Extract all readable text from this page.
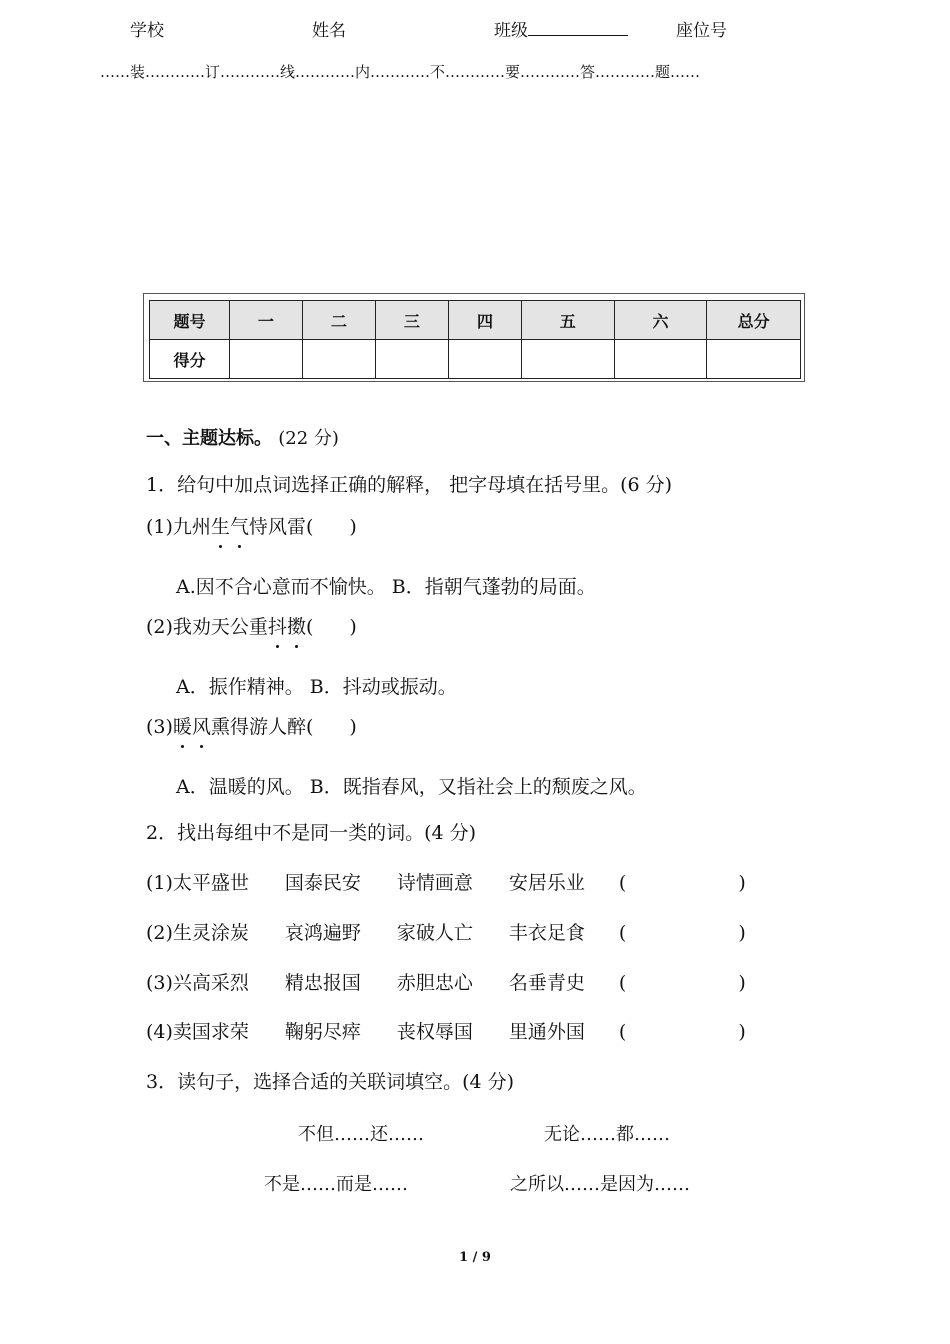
学校	姓名	班级	座位号
……装…………订…………线…………内…………不…………要…………答…………题……
题号	一	二	三	四	五	六	总分
得分							
一、主题达标。 (22 分)
1．给句中加点词选择正确的解释， 把字母填在括号里。(6 分)
(1)九州生气恃风雷( )
A.因不合心意而不愉快。 B．指朝气蓬勃的局面。
(2)我劝天公重抖擞( )
A．振作精神。 B．抖动或振动。
(3)暖风熏得游人醉( )
A．温暖的风。 B．既指春风，又指社会上的颓废之风。
2．找出每组中不是同一类的词。(4 分)
(1)太平盛世 国泰民安 诗情画意 安居乐业 (	)
(2)生灵涂炭 哀鸿遍野 家破人亡 丰衣足食 (	)
(3)兴高采烈 精忠报国 赤胆忠心 名垂青史 (	)
(4)卖国求荣 鞠躬尽瘁 丧权辱国 里通外国 (	)
3．读句子，选择合适的关联词填空。(4 分)
不但……还……	无论……都……
不是……而是……	之所以……是因为……
1 / 9
